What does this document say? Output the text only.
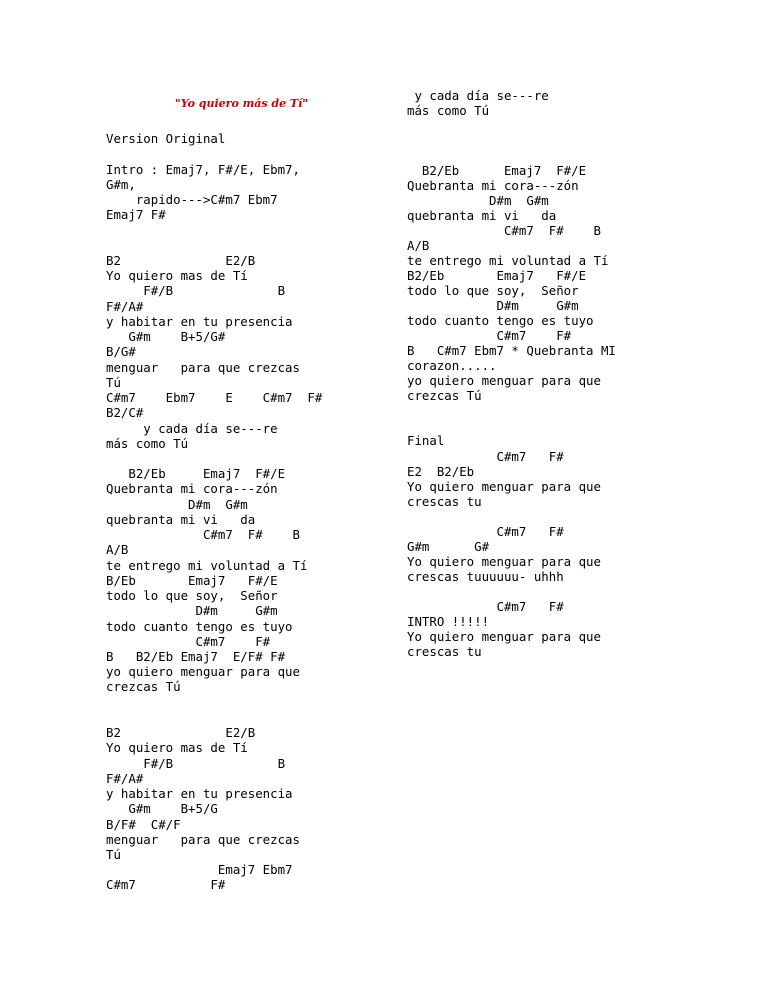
"Yo quiero más de Tí"
Version Original
Intro : Emaj7, F#/E, Ebm7,
G#m,
rapido--->C#m7 Ebm7
Emaj7 F#
B2              E2/B
Yo quiero mas de Tí
F#/B              B
F#/A#
y habitar en tu presencia
G#m    B+5/G#
B/G#
menguar   para que crezcas
Tú
C#m7    Ebm7    E    C#m7  F#
B2/C#
y cada día se---re
más como Tú
B2/Eb     Emaj7  F#/E
Quebranta mi cora---zón
D#m  G#m
quebranta mi vi   da
C#m7  F#    B
A/B
te entrego mi voluntad a Tí
B/Eb       Emaj7   F#/E
todo lo que soy,  Señor
D#m     G#m
todo cuanto tengo es tuyo
C#m7    F#
B   B2/Eb Emaj7  E/F# F#
yo quiero menguar para que
crezcas Tú
B2              E2/B
Yo quiero mas de Tí
F#/B              B
F#/A#
y habitar en tu presencia
G#m    B+5/G
B/F#  C#/F
menguar   para que crezcas
Tú
Emaj7 Ebm7
C#m7          F#
y cada día se---re
más como Tú
B2/Eb      Emaj7  F#/E
Quebranta mi cora---zón
D#m  G#m
quebranta mi vi   da
C#m7  F#    B
A/B
te entrego mi voluntad a Tí
B2/Eb       Emaj7   F#/E
todo lo que soy,  Señor
D#m     G#m
todo cuanto tengo es tuyo
C#m7    F#
B   C#m7 Ebm7 * Quebranta MI
corazon.....
yo quiero menguar para que
crezcas Tú
Final
C#m7   F#
E2  B2/Eb
Yo quiero menguar para que
crescas tu
C#m7   F#
G#m      G#
Yo quiero menguar para que
crescas tuuuuuu- uhhh
C#m7   F#
INTRO !!!!!
Yo quiero menguar para que
crescas tu
